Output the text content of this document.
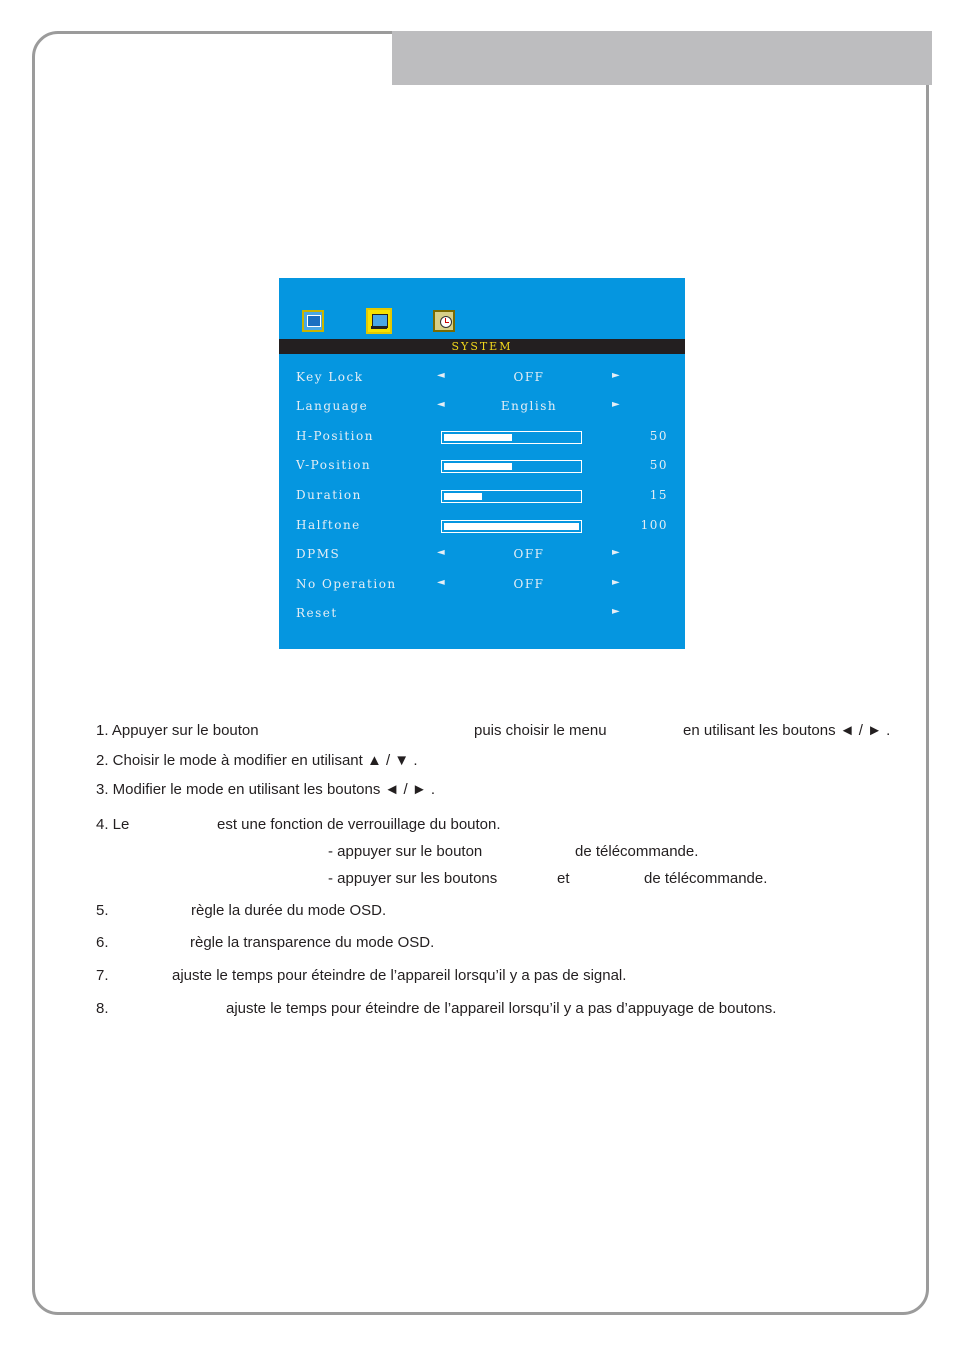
SYSTEM
Key Lock	◄	OFF	►
Language	◄	English	►
H-Position	50
V-Position	50
Duration	15
Halftone	100
DPMS	◄	OFF	►
No Operation	◄	OFF	►
Reset	►
1. Appuyer sur le bouton	puis choisir le menu	en utilisant les boutons ◄ / ► .
2. Choisir le mode à modifier en utilisant ▲ / ▼ .
3. Modifier le mode en utilisant les boutons ◄ / ► .
4. Le	est une fonction de verrouillage du bouton.
- appuyer sur le bouton	de télécommande.
- appuyer sur les boutons	et	de télécommande.
5.	règle la durée du mode OSD.
6.	règle la transparence du mode OSD.
7.	ajuste le temps pour éteindre de l’appareil lorsqu’il y a pas de signal.
8.	ajuste le temps pour éteindre de l’appareil lorsqu’il y a pas d’appuyage de boutons.
